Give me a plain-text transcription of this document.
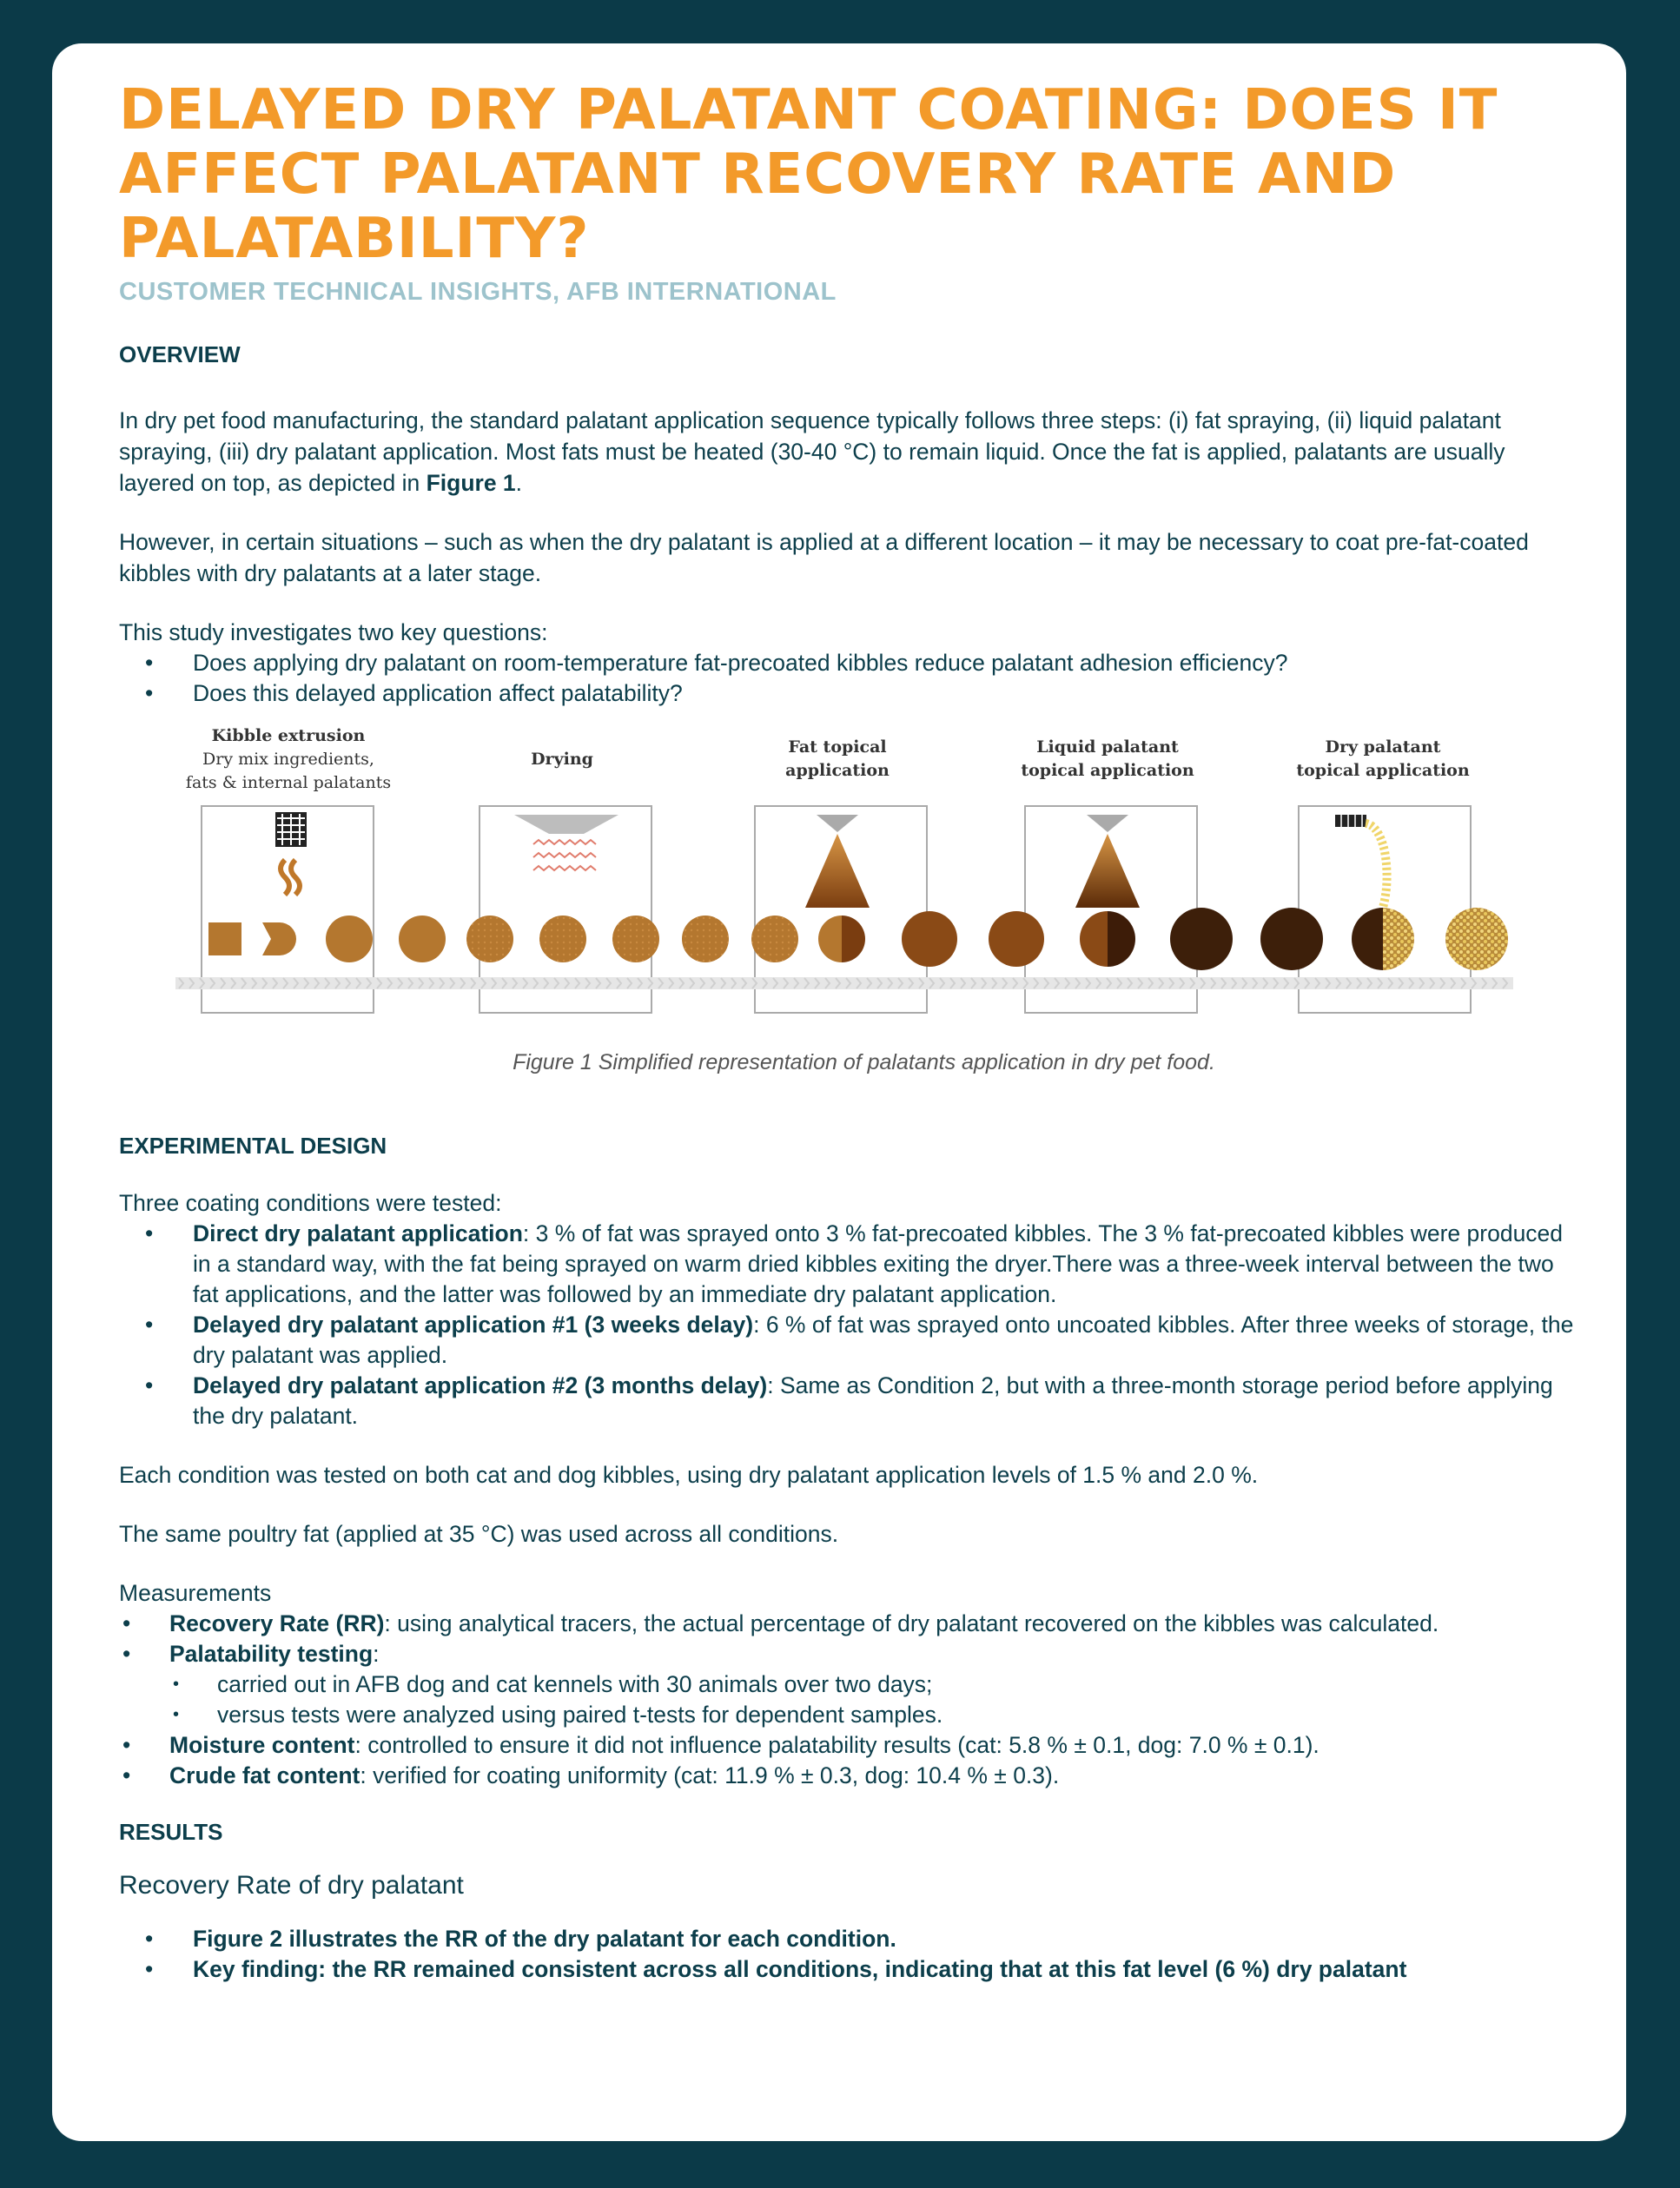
DELAYED DRY PALATANT COATING: DOES IT AFFECT PALATANT RECOVERY RATE AND PALATABILITY?
CUSTOMER TECHNICAL INSIGHTS, AFB INTERNATIONAL
OVERVIEW

In dry pet food manufacturing, the standard palatant application sequence typically follows three steps: (i) fat spraying, (ii) liquid palatant spraying, (iii) dry palatant application. Most fats must be heated (30-40 °C) to remain liquid. Once the fat is applied, palatants are usually layered on top, as depicted in Figure 1.

However, in certain situations – such as when the dry palatant is applied at a different location – it may be necessary to coat pre-fat-coated kibbles with dry palatants at a later stage.

This study investigates two key questions:

• Does applying dry palatant on room-temperature fat-precoated kibbles reduce palatant adhesion efficiency?
• Does this delayed application affect palatability?
Kibble extrusion
Dry mix ingredients,
fats & internal palatants
Drying
Fat topical
application
Liquid palatant
topical application
Dry palatant
topical application
Figure 1 Simplified representation of palatants application in dry pet food.
EXPERIMENTAL DESIGN

Three coating conditions were tested:

• Direct dry palatant application: 3 % of fat was sprayed onto 3 % fat-precoated kibbles. The 3 % fat-precoated kibbles were produced in a standard way, with the fat being sprayed on warm dried kibbles exiting the dryer.There was a three-week interval between the two fat applications, and the latter was followed by an immediate dry palatant application.
• Delayed dry palatant application #1 (3 weeks delay): 6 % of fat was sprayed onto uncoated kibbles. After three weeks of storage, the dry palatant was applied.
• Delayed dry palatant application #2 (3 months delay): Same as Condition 2, but with a three-month storage period before applying the dry palatant.

Each condition was tested on both cat and dog kibbles, using dry palatant application levels of 1.5 % and 2.0 %.

The same poultry fat (applied at 35 °C) was used across all conditions.

Measurements

• Recovery Rate (RR): using analytical tracers, the actual percentage of dry palatant recovered on the kibbles was calculated.
• Palatability testing:
• carried out in AFB dog and cat kennels with 30 animals over two days;
• versus tests were analyzed using paired t-tests for dependent samples.
• Moisture content: controlled to ensure it did not influence palatability results (cat: 5.8 % ± 0.1, dog: 7.0 % ± 0.1).
• Crude fat content: verified for coating uniformity (cat: 11.9 % ± 0.3, dog: 10.4 % ± 0.3).
RESULTS

Recovery Rate of dry palatant

• Figure 2 illustrates the RR of the dry palatant for each condition.
• Key finding: the RR remained consistent across all conditions, indicating that at this fat level (6 %) dry palatant
